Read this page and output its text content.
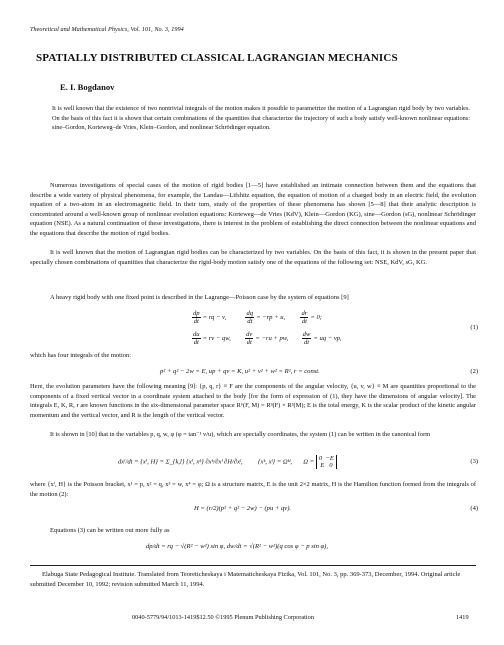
Theoretical and Mathematical Physics, Vol. 101, No. 3, 1994
SPATIALLY DISTRIBUTED CLASSICAL LAGRANGIAN MECHANICS
E. I. Bogdanov
It is well known that the existence of two nontrivial integrals of the motion makes it possible to parametrize the motion of a Lagrangian rigid body by two variables. On the basis of this fact it is shown that certain combinations of the quantities that characterize the trajectory of such a body satisfy well-known nonlinear equations: sine–Gordon, Korteweg–de Vries, Klein–Gordon, and nonlinear Schrödinger equation.
Numerous investigations of special cases of the motion of rigid bodies [1—5] have established an intimate connection between them and the equations that describe a wide variety of physical phenomena, for example, the Landau—Lifshitz equation, the equation of motion of a charged body in an electric field, the evolution equation of a two-atom in an electromagnetic field. In their turn, study of the properties of these phenomena has shown [5—8] that their analytic description is concentrated around a well-known group of nonlinear evolution equations: Korteweg—de Vries (KdV), Klein—Gordon (KG), sine—Gordon (sG), nonlinear Schrödinger equation (NSE). As a natural continuation of these investigations, there is interest in the problem of establishing the direct connection between the nonlinear equations and the equations that describe the motion of rigid bodies.
It is well known that the motion of Lagrangian rigid bodies can be characterized by two variables. On the basis of this fact, it is shown in the present paper that specially chosen combinations of quantities that characterize the rigid-body motion satisfy one of the equations of the following set: NSE, KdV, sG, KG.
A heavy rigid body with one fixed point is described in the Lagrange—Poisson case by the system of equations [9]
$\frac{dp}{dt}$ = rq − v,	$\frac{dq}{dt} = -rp + u$, $\frac{dr}{dt} = 0$;
$\frac{du}{dt}$ = rv − qw, $\frac{dv}{dt} = -ru$ + pw, $\frac{dw}{dt}$ = uq − vp,
(1)
which has four integrals of the motion:
p² + q² − 2w = E, up + qv = K, u² + v² + w² = R², r = const.	(2)
Here, the evolution parameters have the following meaning [9]: {p, q, r} ≡ F are the components of the angular velocity, {u, v, w} ≡ M are quantities proportional to the components of a fixed vertical vector in a coordinate system attached to the body [for the form of expression of (1), they have the dimensions of angular velocity]. The integrals E, K, R, r are known functions in the six-dimensional parameter space R⁶(F, M) = R³(F) × R³(M); E is the total energy, K is the scalar product of the kinetic angular momentum and the vertical vector, and R is the length of the vertical vector.
It is shown in [10] that in the variables p, q, w, φ (φ = tan⁻¹ v/u), which are specially coordinates, the system (1) can be written in the canonical form
dxⁱ/dt = {xⁱ, H} = Σ_{k,l} {xⁱ, xᵏ} ∂xᵏ/∂xˡ ∂H/∂xˡ, {xᵏ, xˡ} = Ωᵏˡ, Ω = 0 −E
E 0
(3)
where {xⁱ, H} is the Poisson bracket, x¹ = p, x² = q, x³ = w, x⁴ = φ; Ω is a structure matrix, E is the unit 2×2 matrix, H is the Hamilton function formed from the integrals of the motion (2):
H = (r/2)(p² + q² − 2w) − (pu + qv).	(4)
Equations (3) can be written out more fully as
dp/dt = rq − √(R² − w²) sin φ, dw/dt = √(R² − w²)(q cos φ − p sin φ),
Elabuga State Pedagogical Institute. Translated from Teoreticheskaya i Matematicheskaya Fizika, Vol. 101, No. 3, pp. 369-373, December, 1994. Original article submitted December 10, 1992; revision submitted March 11, 1994.
0040-5779/94/1013-1419$12.50 ©1995 Plenum Publishing Corporation	1419
